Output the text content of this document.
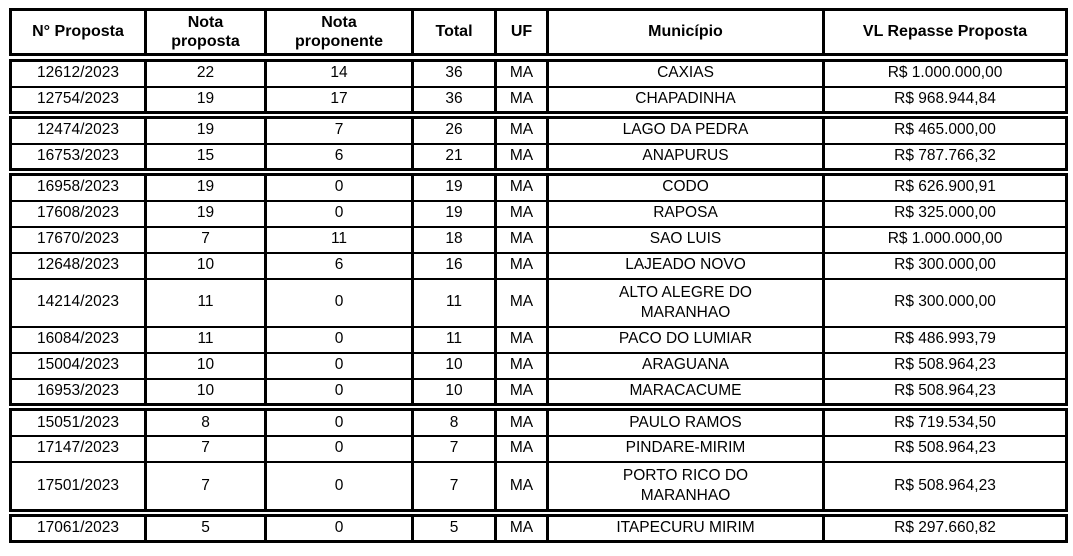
N° Proposta	Nota proposta	Nota proponente	Total	UF	Município	VL Repasse Proposta
12612/2023	22	14	36	MA	CAXIAS	R$ 1.000.000,00
12754/2023	19	17	36	MA	CHAPADINHA	R$ 968.944,84
12474/2023	19	7	26	MA	LAGO DA PEDRA	R$ 465.000,00
16753/2023	15	6	21	MA	ANAPURUS	R$ 787.766,32
16958/2023	19	0	19	MA	CODO	R$ 626.900,91
17608/2023	19	0	19	MA	RAPOSA	R$ 325.000,00
17670/2023	7	11	18	MA	SAO LUIS	R$ 1.000.000,00
12648/2023	10	6	16	MA	LAJEADO NOVO	R$ 300.000,00
14214/2023	11	0	11	MA	ALTO ALEGRE DO MARANHAO	R$ 300.000,00
16084/2023	11	0	11	MA	PACO DO LUMIAR	R$ 486.993,79
15004/2023	10	0	10	MA	ARAGUANA	R$ 508.964,23
16953/2023	10	0	10	MA	MARACACUME	R$ 508.964,23
15051/2023	8	0	8	MA	PAULO RAMOS	R$ 719.534,50
17147/2023	7	0	7	MA	PINDARE-MIRIM	R$ 508.964,23
17501/2023	7	0	7	MA	PORTO RICO DO MARANHAO	R$ 508.964,23
17061/2023	5	0	5	MA	ITAPECURU MIRIM	R$ 297.660,82
